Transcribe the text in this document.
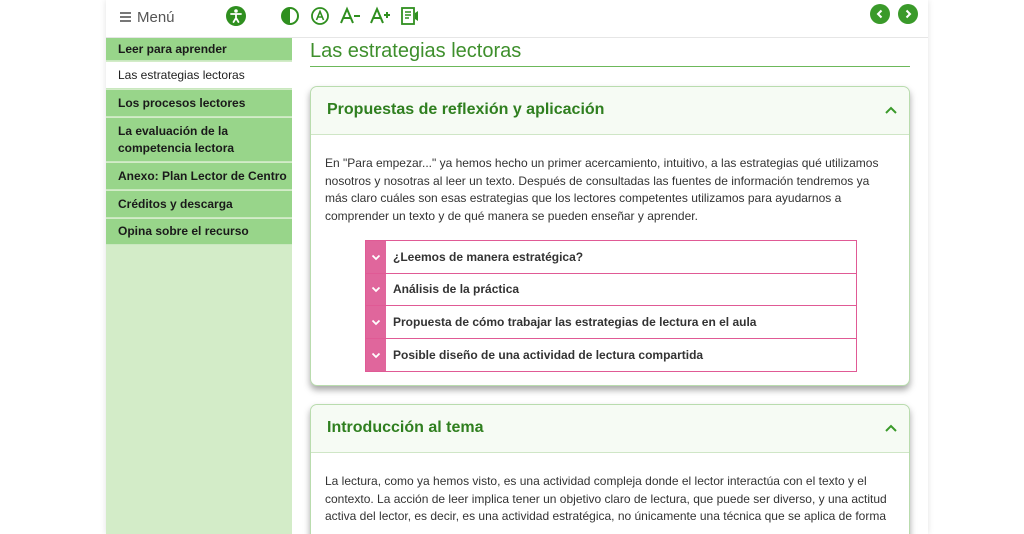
Menú
Leer para aprender
Las estrategias lectoras
Los procesos lectores
La evaluación de la competencia lectora
Anexo: Plan Lector de Centro
Créditos y descarga
Opina sobre el recurso
Las estrategias lectoras
Propuestas de reflexión y aplicación

En "Para empezar..." ya hemos hecho un primer acercamiento, intuitivo, a las estrategias qué utilizamos nosotros y nosotras al leer un texto. Después de consultadas las fuentes de información tendremos ya más claro cuáles son esas estrategias que los lectores competentes utilizamos para ayudarnos a comprender un texto y de qué manera se pueden enseñar y aprender.

¿Leemos de manera estratégica?
Análisis de la práctica
Propuesta de cómo trabajar las estrategias de lectura en el aula
Posible diseño de una actividad de lectura compartida
Introducción al tema

La lectura, como ya hemos visto, es una actividad compleja donde el lector interactúa con el texto y el contexto. La acción de leer implica tener un objetivo claro de lectura, que puede ser diverso, y una actitud activa del lector, es decir, es una actividad estratégica, no únicamente una técnica que se aplica de forma
